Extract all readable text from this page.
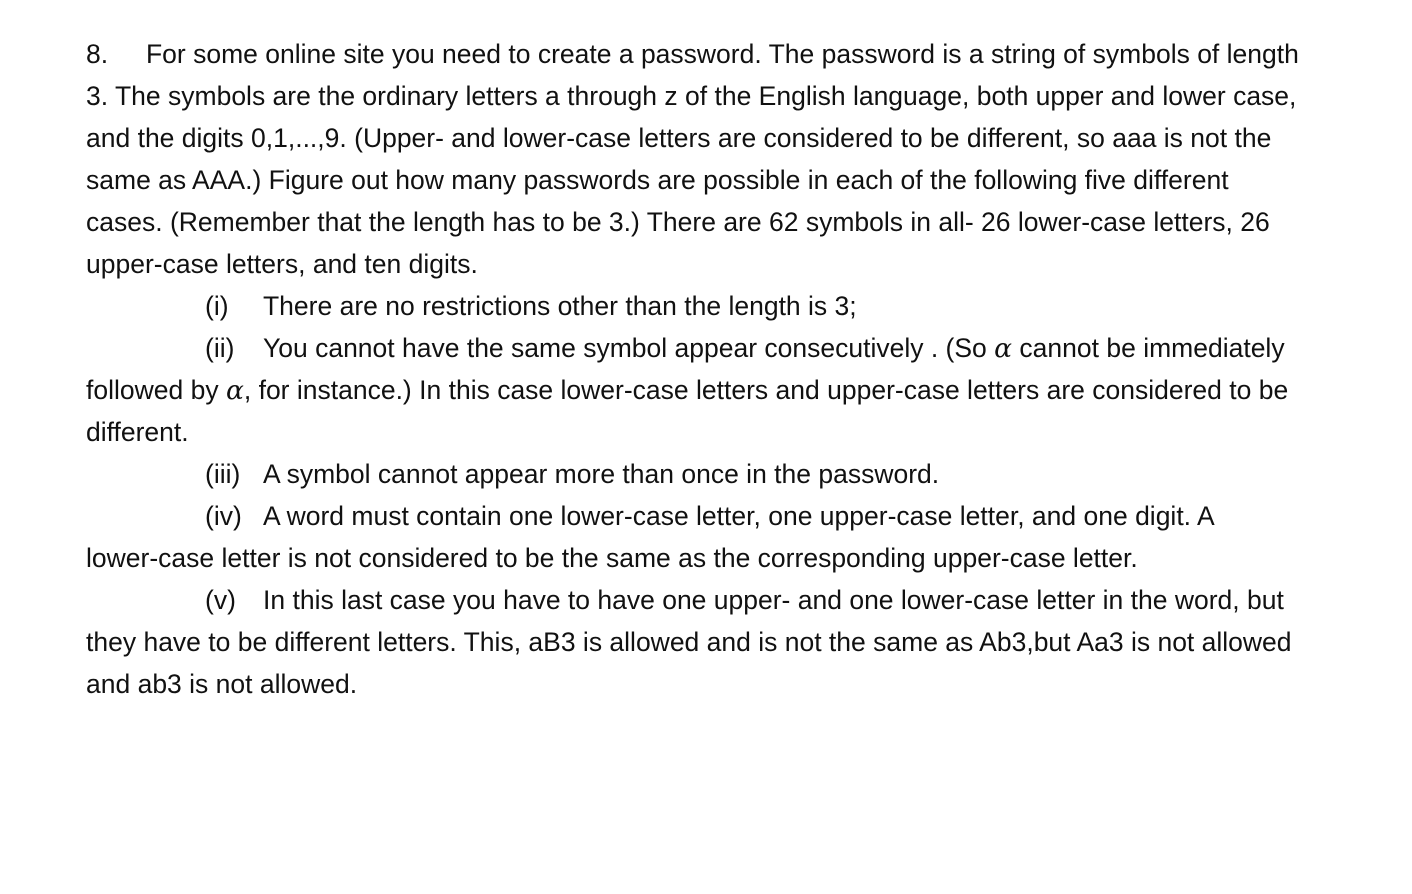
8. For some online site you need to create a password. The password is a string of symbols of length
3. The symbols are the ordinary letters a through z of the English language, both upper and lower case,
and the digits 0,1,...,9. (Upper- and lower-case letters are considered to be different, so aaa is not the
same as AAA.) Figure out how many passwords are possible in each of the following five different
cases. (Remember that the length has to be 3.) There are 62 symbols in all- 26 lower-case letters, 26
upper-case letters, and ten digits.
(i) There are no restrictions other than the length is 3;
(ii) You cannot have the same symbol appear consecutively . (So α cannot be immediately
followed by α, for instance.) In this case lower-case letters and upper-case letters are considered to be
different.
(iii) A symbol cannot appear more than once in the password.
(iv) A word must contain one lower-case letter, one upper-case letter, and one digit. A
lower-case letter is not considered to be the same as the corresponding upper-case letter.
(v) In this last case you have to have one upper- and one lower-case letter in the word, but
they have to be different letters. This, aB3 is allowed and is not the same as Ab3,but Aa3 is not allowed
and ab3 is not allowed.
